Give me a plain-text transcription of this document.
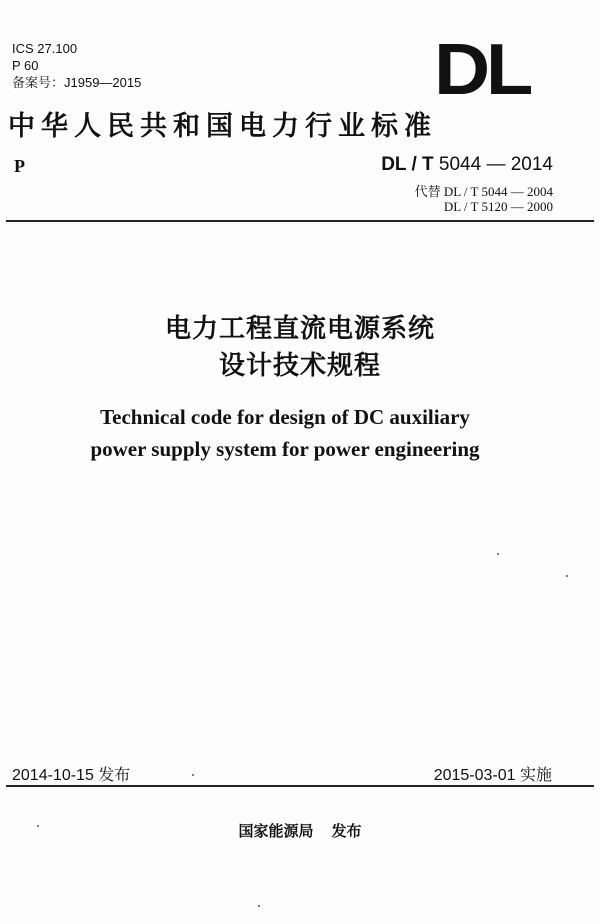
ICS 27.100
P 60
备案号：J1959—2015	DL
中华人民共和国电力行业标准
P	DL / T 5044 — 2014
代替 DL / T 5044 — 2004
DL / T 5120 — 2000
电力工程直流电源系统
设计技术规程
Technical code for design of DC auxiliary
power supply system for power engineering
2014-10-15 发布	2015-03-01 实施
国家能源局 发布
